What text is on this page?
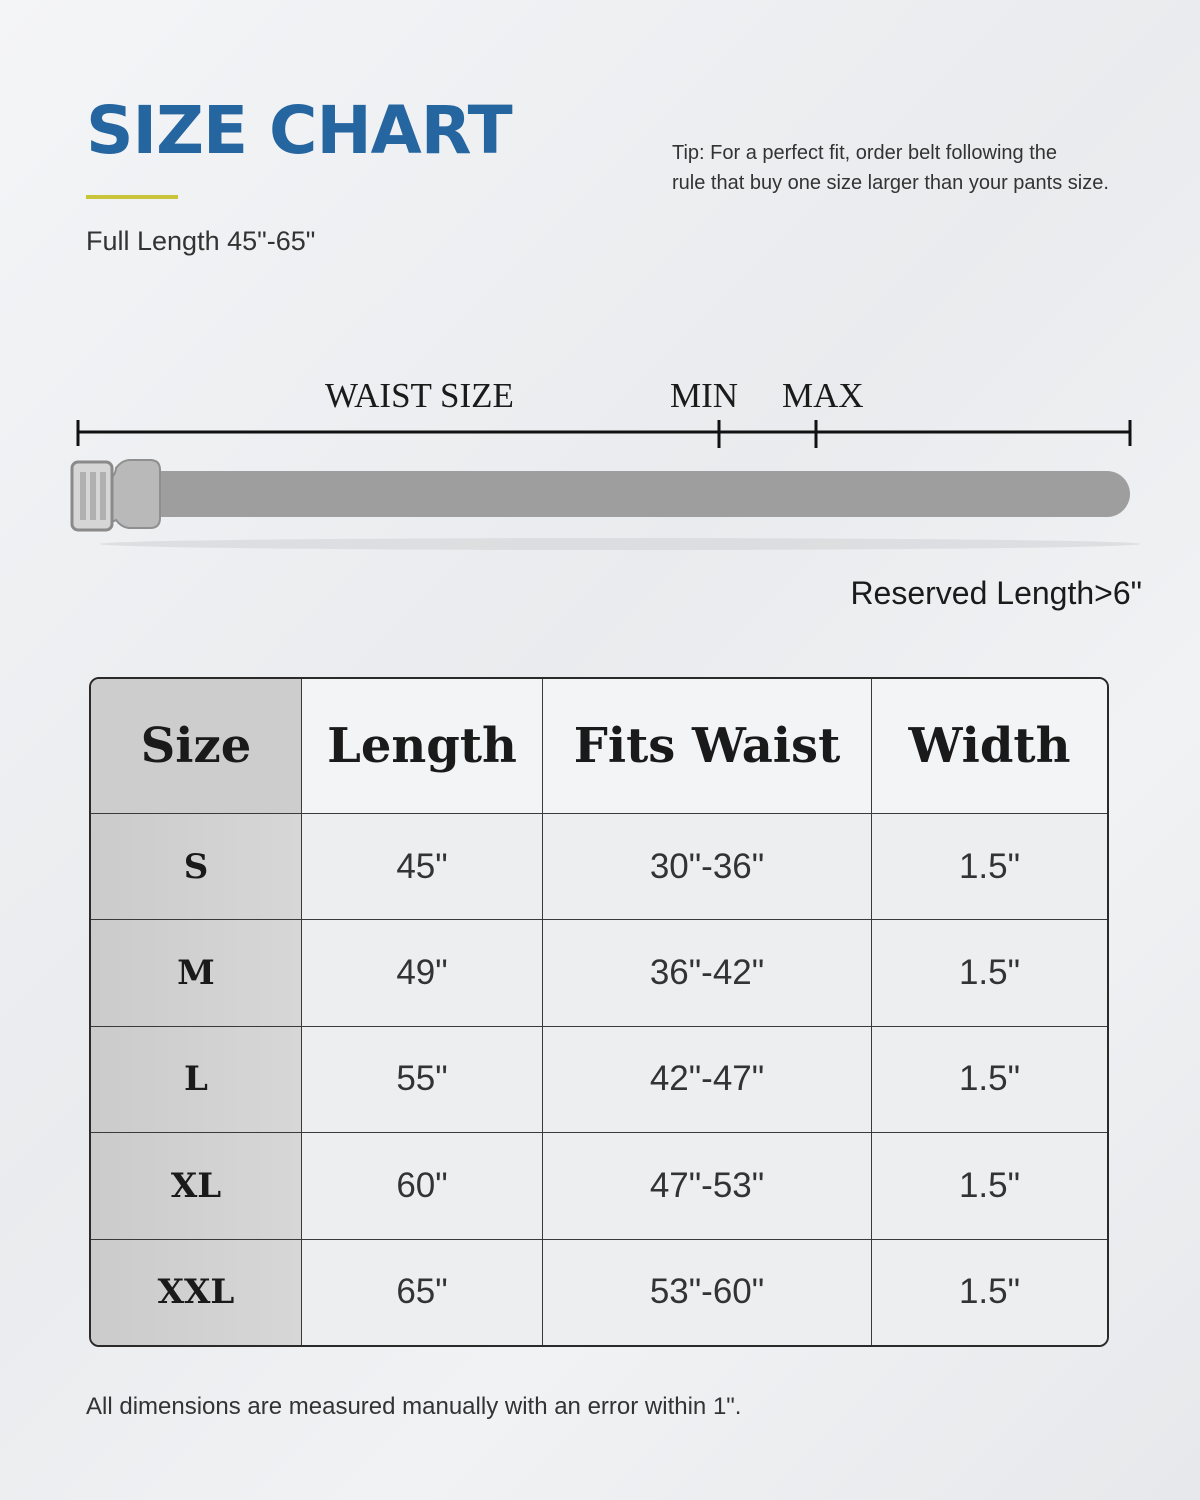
SIZE CHART	Tip: For a perfect fit, order belt following the
rule that buy one size larger than your pants size.
Full Length 45"-65"
WAIST SIZE	MIN MAX
Reserved Length>6"
Size	Length	Fits Waist	Width
S	45"	30"-36"	1.5"
M	49"	36"-42"	1.5"
L	55"	42"-47"	1.5"
XL	60"	47"-53"	1.5"
XXL	65"	53"-60"	1.5"
All dimensions are measured manually with an error within 1".
